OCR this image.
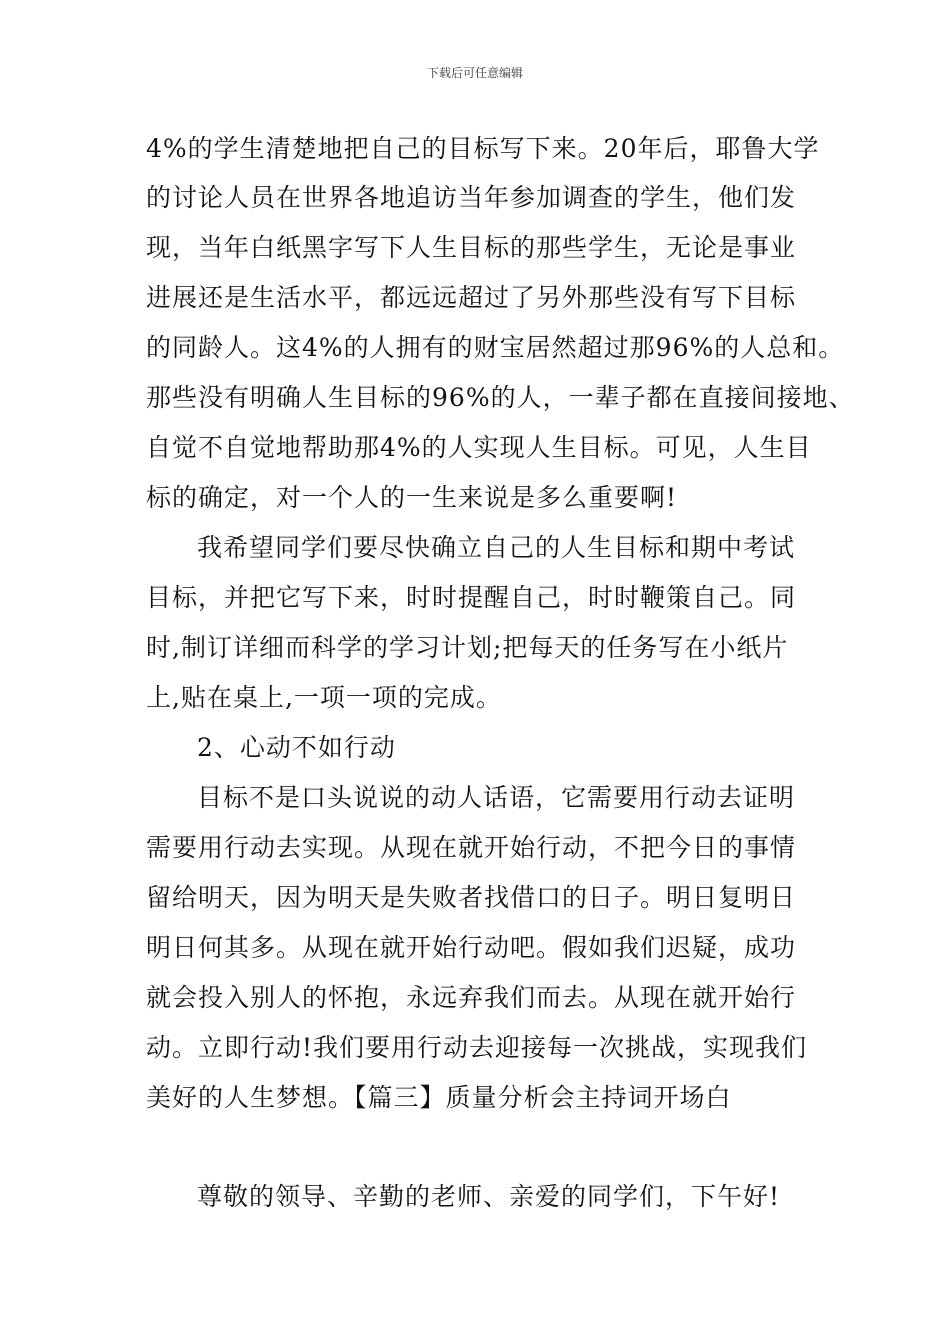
下载后可任意编辑
4%的学生清楚地把自己的目标写下来。20年后，耶鲁大学
的讨论人员在世界各地追访当年参加调查的学生，他们发
现，当年白纸黑字写下人生目标的那些学生，无论是事业
进展还是生活水平，都远远超过了另外那些没有写下目标
的同龄人。这4%的人拥有的财宝居然超过那96%的人总和。
那些没有明确人生目标的96%的人，一辈子都在直接间接地、
自觉不自觉地帮助那4%的人实现人生目标。可见，人生目
标的确定，对一个人的一生来说是多么重要啊!
我希望同学们要尽快确立自己的人生目标和期中考试
目标，并把它写下来，时时提醒自己，时时鞭策自己。同
时,制订详细而科学的学习计划;把每天的任务写在小纸片
上,贴在桌上,一项一项的完成。
2、心动不如行动
目标不是口头说说的动人话语，它需要用行动去证明
需要用行动去实现。从现在就开始行动，不把今日的事情
留给明天，因为明天是失败者找借口的日子。明日复明日
明日何其多。从现在就开始行动吧。假如我们迟疑，成功
就会投入别人的怀抱，永远弃我们而去。从现在就开始行
动。立即行动!我们要用行动去迎接每一次挑战，实现我们
美好的人生梦想。【篇三】质量分析会主持词开场白
尊敬的领导、辛勤的老师、亲爱的同学们，下午好!
